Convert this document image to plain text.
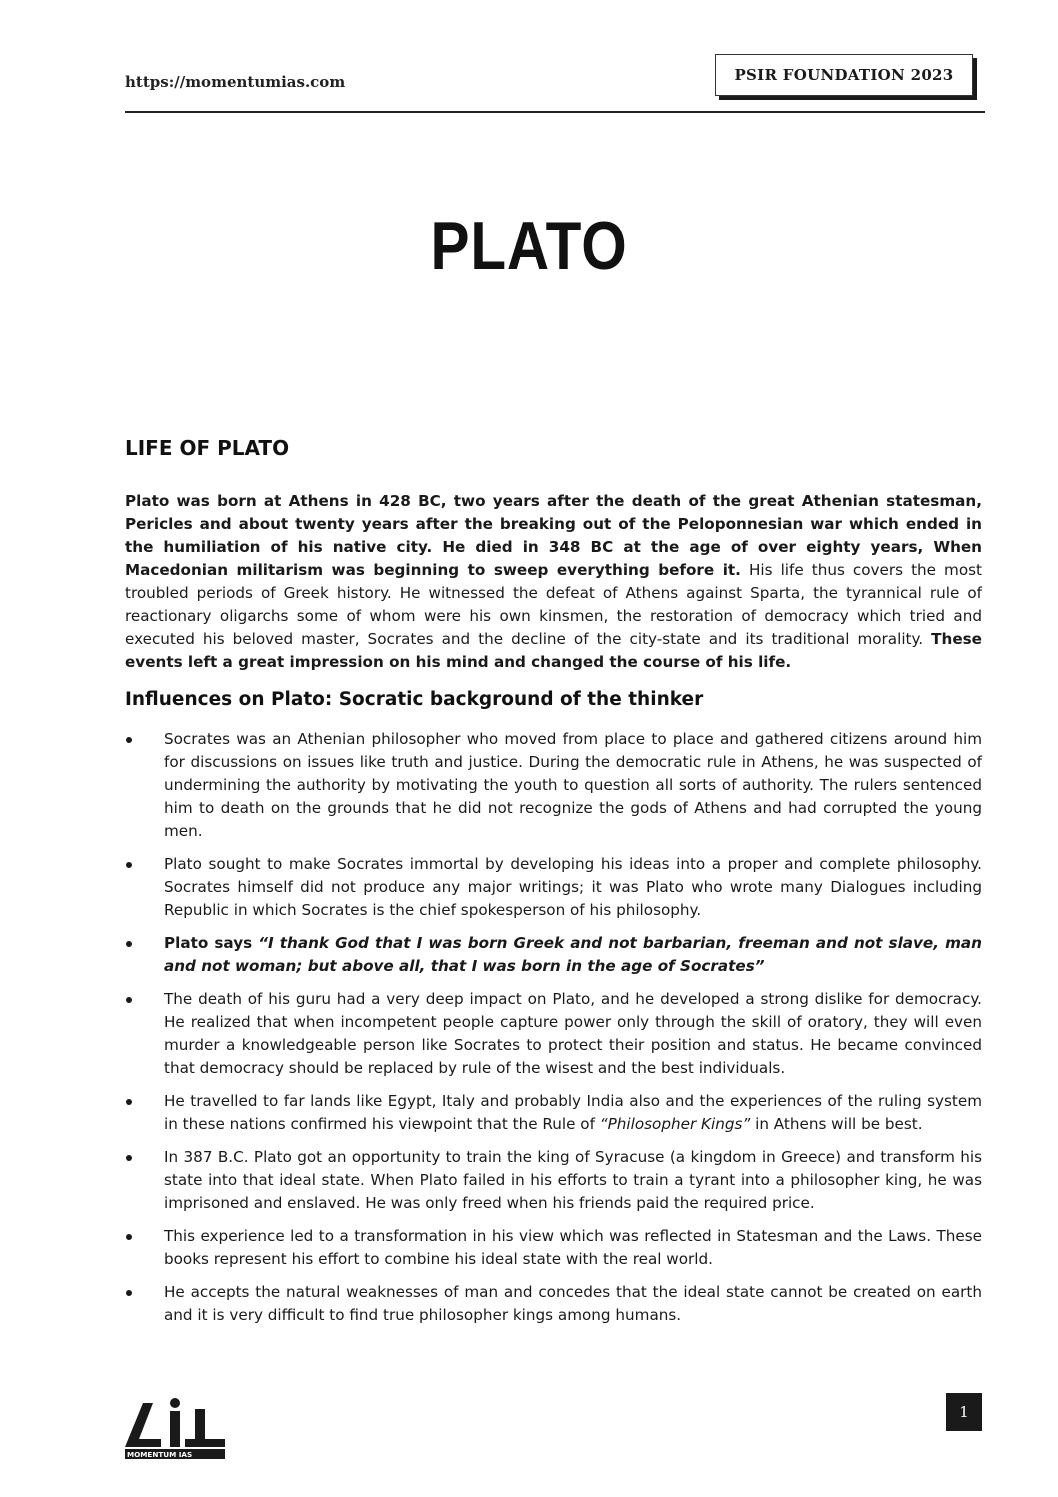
https://momentumias.com	PSIR FOUNDATION 2023
PLATO
LIFE OF PLATO

Plato was born at Athens in 428 BC, two years after the death of the great Athenian statesman, Pericles and about twenty years after the breaking out of the Peloponnesian war which ended in the humiliation of his native city. He died in 348 BC at the age of over eighty years, When Macedonian militarism was beginning to sweep everything before it. His life thus covers the most troubled periods of Greek history. He witnessed the defeat of Athens against Sparta, the tyrannical rule of reactionary oligarchs some of whom were his own kinsmen, the restoration of democracy which tried and executed his beloved master, Socrates and the decline of the city-state and its traditional morality. These events left a great impression on his mind and changed the course of his life.

Influences on Plato: Socratic background of the thinker
Socrates was an Athenian philosopher who moved from place to place and gathered citizens around him for discussions on issues like truth and justice. During the democratic rule in Athens, he was suspected of undermining the authority by motivating the youth to question all sorts of authority. The rulers sentenced him to death on the grounds that he did not recognize the gods of Athens and had corrupted the young men.
Plato sought to make Socrates immortal by developing his ideas into a proper and complete philosophy. Socrates himself did not produce any major writings; it was Plato who wrote many Dialogues including Republic in which Socrates is the chief spokesperson of his philosophy.
Plato says “I thank God that I was born Greek and not barbarian, freeman and not slave, man and not woman; but above all, that I was born in the age of Socrates”
The death of his guru had a very deep impact on Plato, and he developed a strong dislike for democracy. He realized that when incompetent people capture power only through the skill of oratory, they will even murder a knowledgeable person like Socrates to protect their position and status. He became convinced that democracy should be replaced by rule of the wisest and the best individuals.
He travelled to far lands like Egypt, Italy and probably India also and the experiences of the ruling system in these nations confirmed his viewpoint that the Rule of “Philosopher Kings” in Athens will be best.
In 387 B.C. Plato got an opportunity to train the king of Syracuse (a kingdom in Greece) and transform his state into that ideal state. When Plato failed in his efforts to train a tyrant into a philosopher king, he was imprisoned and enslaved. He was only freed when his friends paid the required price.
This experience led to a transformation in his view which was reflected in Statesman and the Laws. These books represent his effort to combine his ideal state with the real world.
He accepts the natural weaknesses of man and concedes that the ideal state cannot be created on earth and it is very difficult to find true philosopher kings among humans.
MOMENTUM IAS
1
